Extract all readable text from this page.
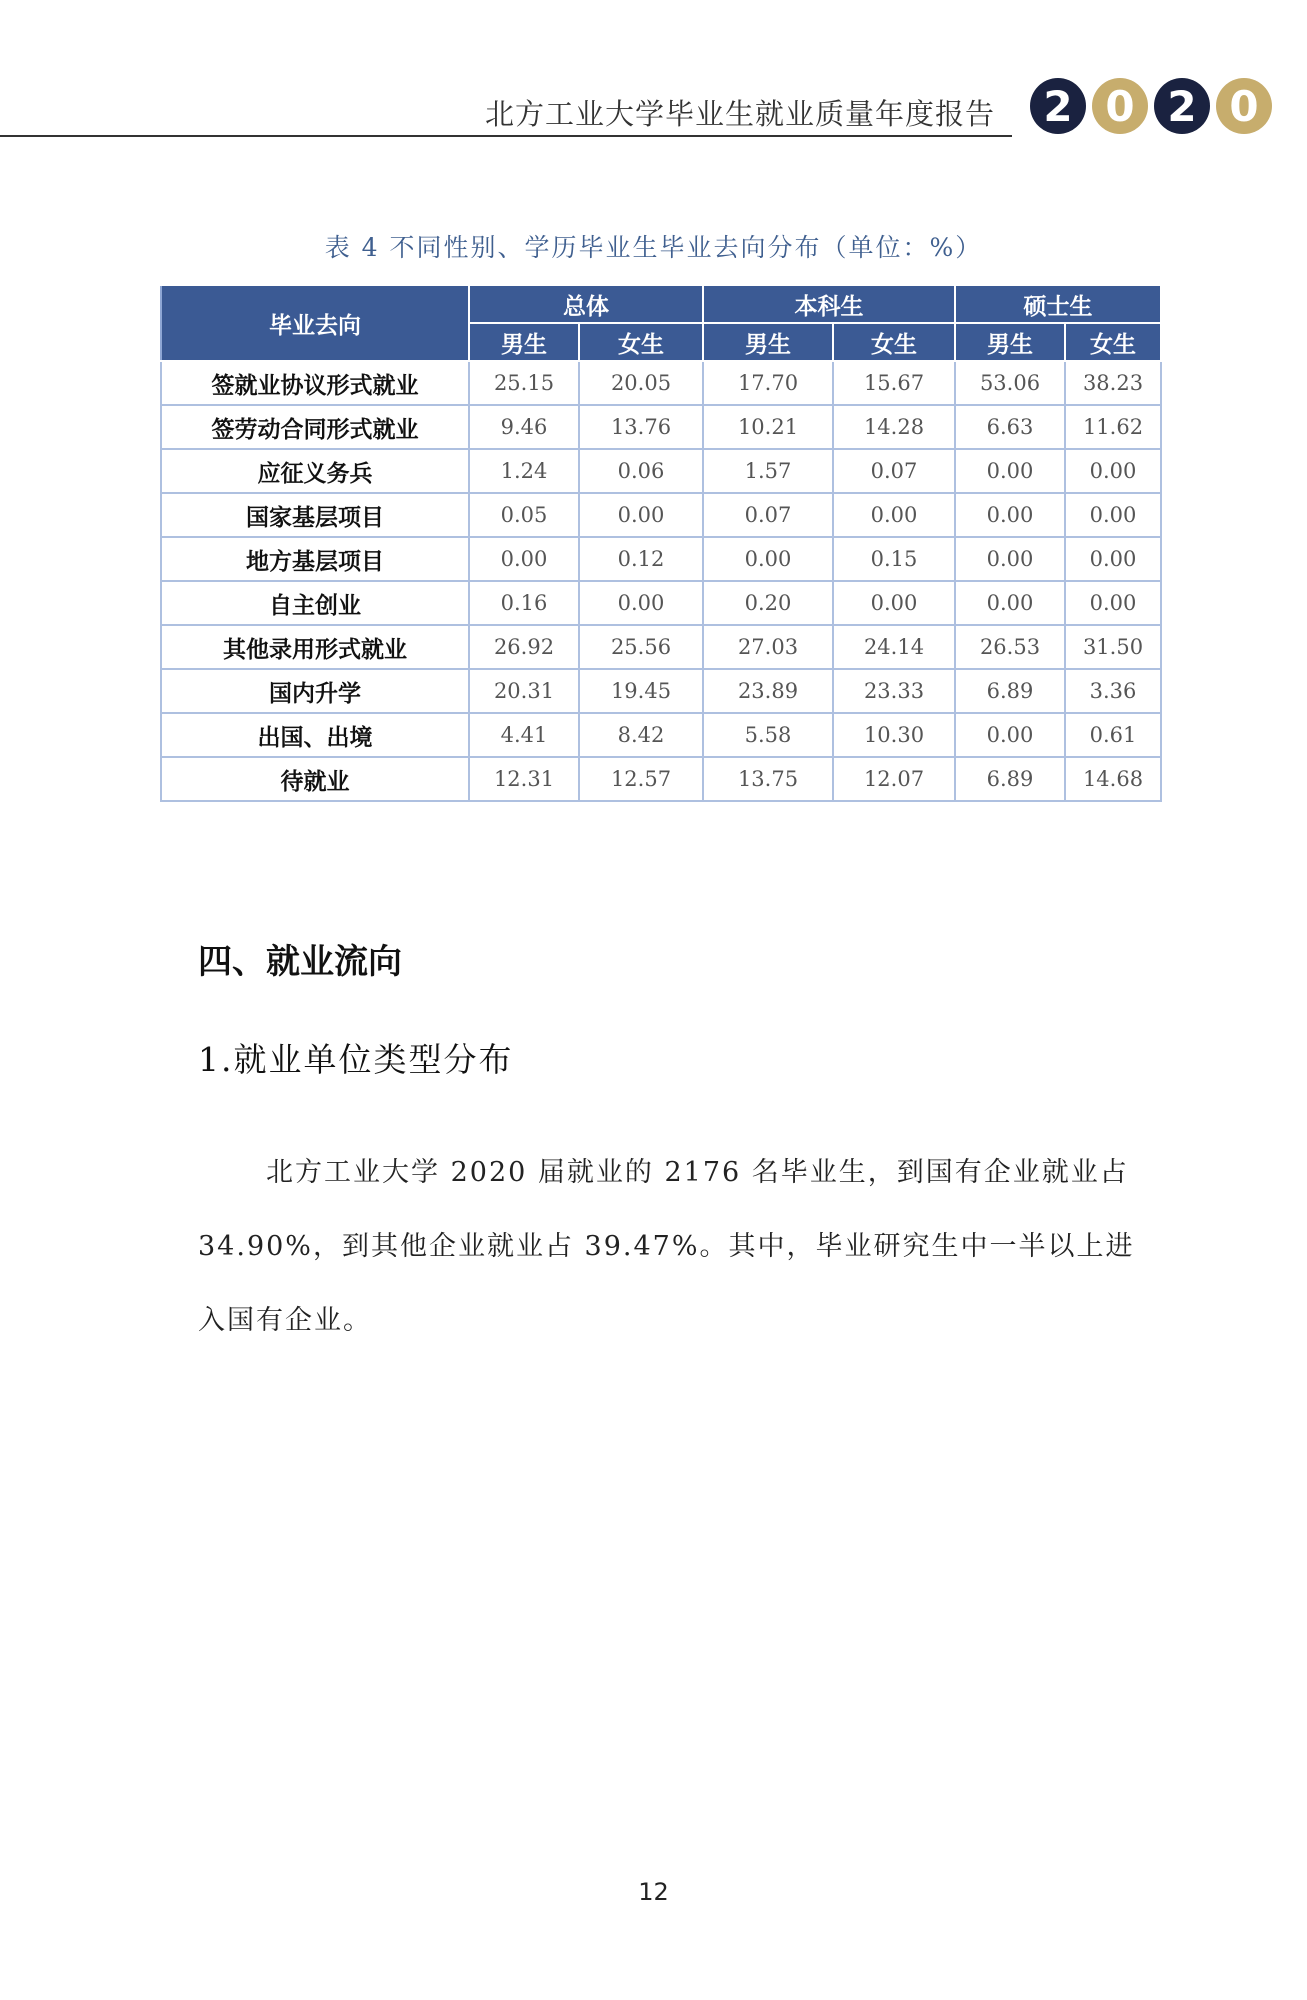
北方工业大学毕业生就业质量年度报告	2 0 2 0
表 4 不同性别、学历毕业生毕业去向分布（单位：%）
毕业去向	总体		本科生		硕士生	
	男生	女生	男生	女生	男生	女生
签就业协议形式就业	25.15	20.05	17.70	15.67	53.06	38.23
签劳动合同形式就业	9.46	13.76	10.21	14.28	6.63	11.62
应征义务兵	1.24	0.06	1.57	0.07	0.00	0.00
国家基层项目	0.05	0.00	0.07	0.00	0.00	0.00
地方基层项目	0.00	0.12	0.00	0.15	0.00	0.00
自主创业	0.16	0.00	0.20	0.00	0.00	0.00
其他录用形式就业	26.92	25.56	27.03	24.14	26.53	31.50
国内升学	20.31	19.45	23.89	23.33	6.89	3.36
出国、出境	4.41	8.42	5.58	10.30	0.00	0.61
待就业	12.31	12.57	13.75	12.07	6.89	14.68
四、就业流向
1.就业单位类型分布

北方工业大学 2020 届就业的 2176 名毕业生，到国有企业就业占34.90%，到其他企业就业占 39.47%。其中，毕业研究生中一半以上进入国有企业。

12
